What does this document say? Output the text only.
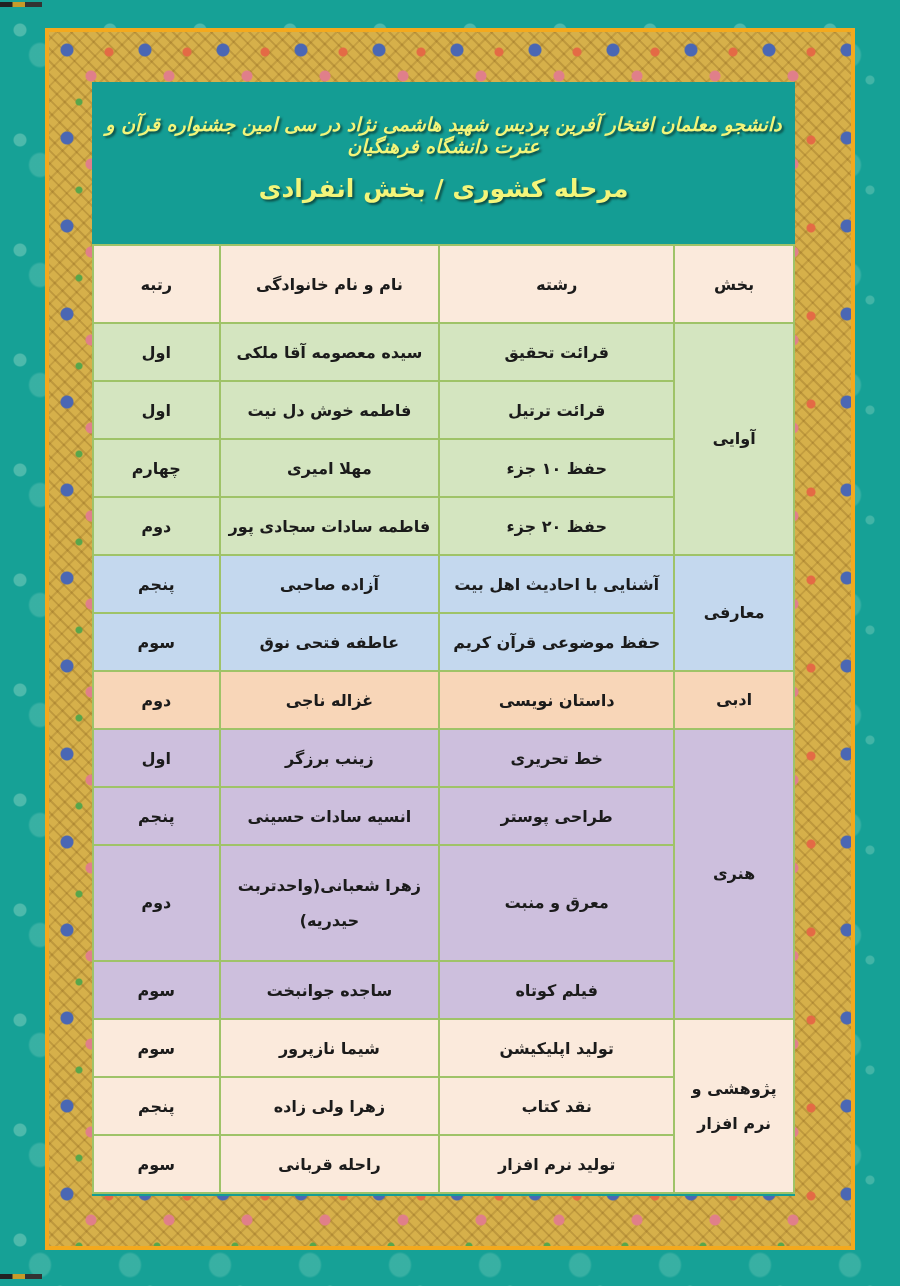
دانشجو معلمان افتخار آفرین پردیس شهید هاشمی نژاد در سی امین جشنواره قرآن و عترت دانشگاه فرهنگیان
مرحله کشوری / بخش انفرادی
بخش	رشته	نام و نام خانوادگی	رتبه
آوایی	قرائت تحقیق	سیده معصومه آقا ملکی	اول
	قرائت ترتیل	فاطمه خوش دل نیت	اول
	حفظ ۱۰ جزء	مهلا امیری	چهارم
	حفظ ۲۰ جزء	فاطمه سادات سجادی پور	دوم
معارفی	آشنایی با احادیث اهل بیت	آزاده صاحبی	پنجم
	حفظ موضوعی قرآن کریم	عاطفه فتحی نوق	سوم
ادبی	داستان نویسی	غزاله ناجی	دوم
هنری	خط تحریری	زینب برزگر	اول
	طراحی پوستر	انسیه سادات حسینی	پنجم
	معرق و منبت	زهرا شعبانی(واحدتربت حیدریه)	دوم
	فیلم کوتاه	ساجده جوانبخت	سوم
پژوهشی و نرم افزار	تولید اپلیکیشن	شیما نازپرور	سوم
	نقد کتاب	زهرا ولی زاده	پنجم
	تولید نرم افزار	راحله قربانی	سوم
